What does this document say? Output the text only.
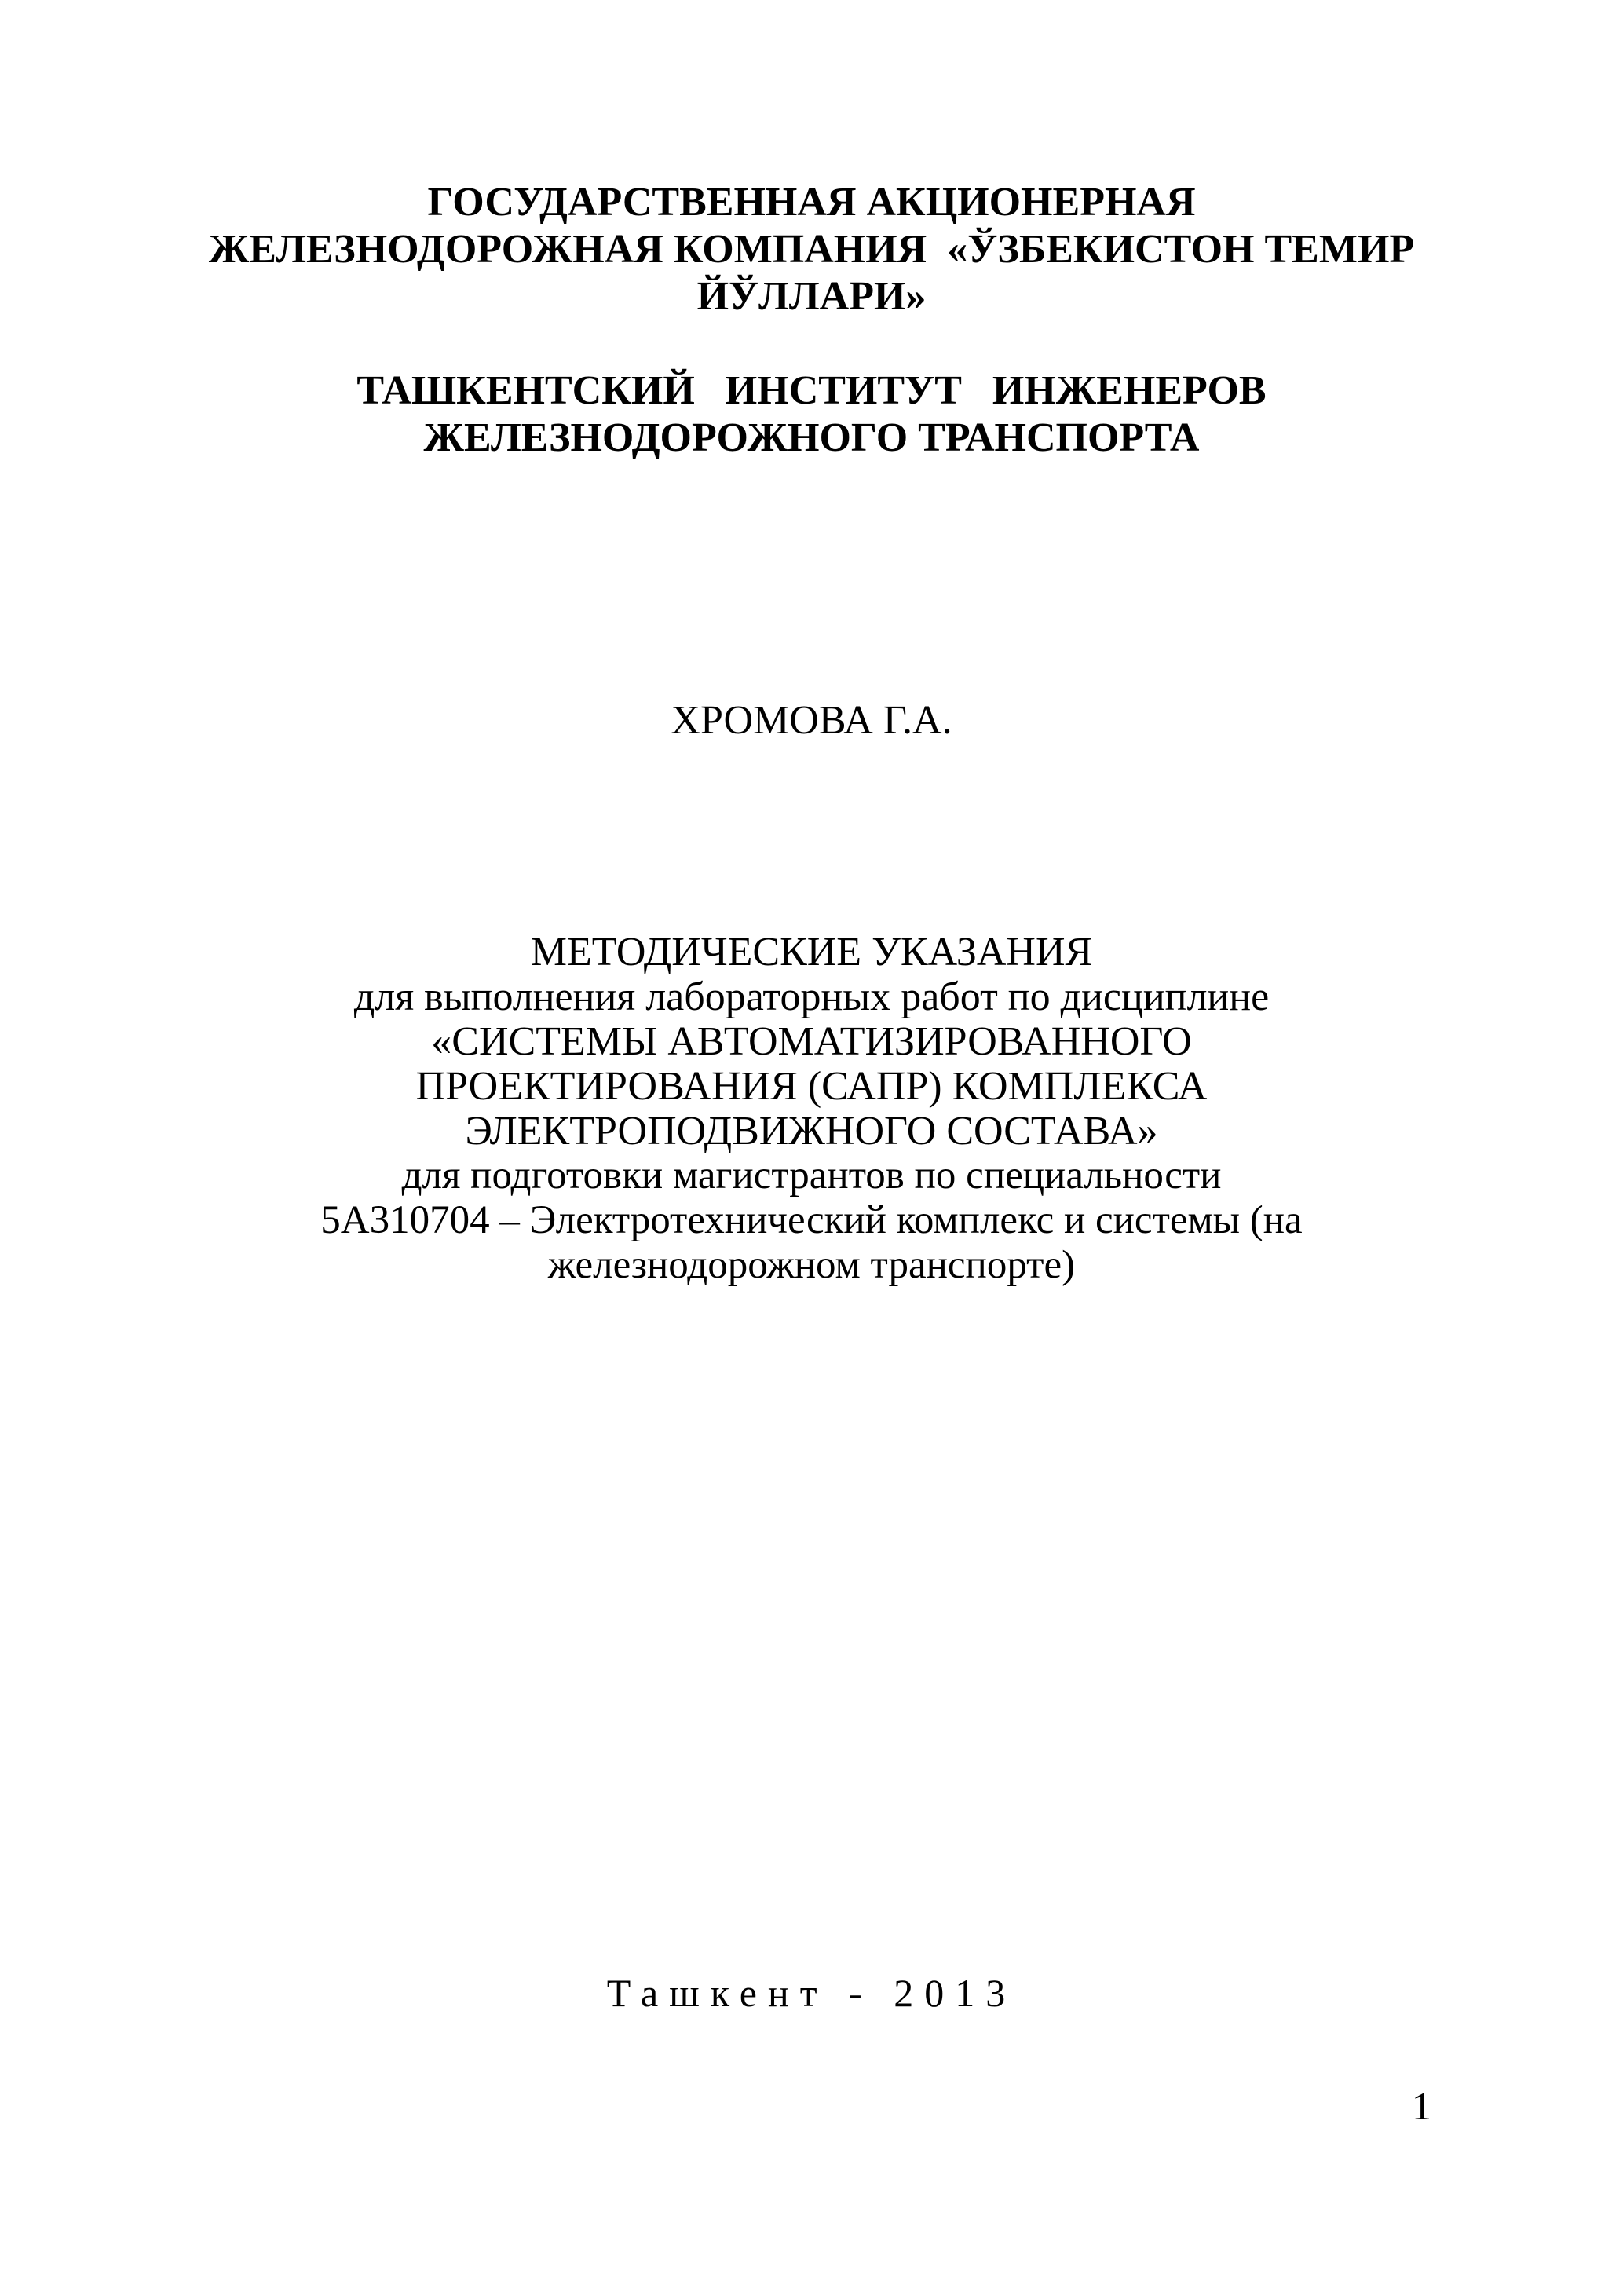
ГОСУДАРСТВЕННАЯ АКЦИОНЕРНАЯ
ЖЕЛЕЗНОДОРОЖНАЯ КОМПАНИЯ  «ЎЗБЕКИСТОН ТЕМИР
ЙЎЛЛАРИ»
ТАШКЕНТСКИЙ   ИНСТИТУТ   ИНЖЕНЕРОВ
ЖЕЛЕЗНОДОРОЖНОГО ТРАНСПОРТА
ХРОМОВА Г.А.
МЕТОДИЧЕСКИЕ УКАЗАНИЯ
для выполнения лабораторных работ по дисциплине
«СИСТЕМЫ АВТОМАТИЗИРОВАННОГО
ПРОЕКТИРОВАНИЯ (САПР) КОМПЛЕКСА
ЭЛЕКТРОПОДВИЖНОГО СОСТАВА»
для подготовки магистрантов по специальности
5А310704 – Электротехнический комплекс и системы (на
железнодорожном транспорте)
Ташкент - 2013
1
